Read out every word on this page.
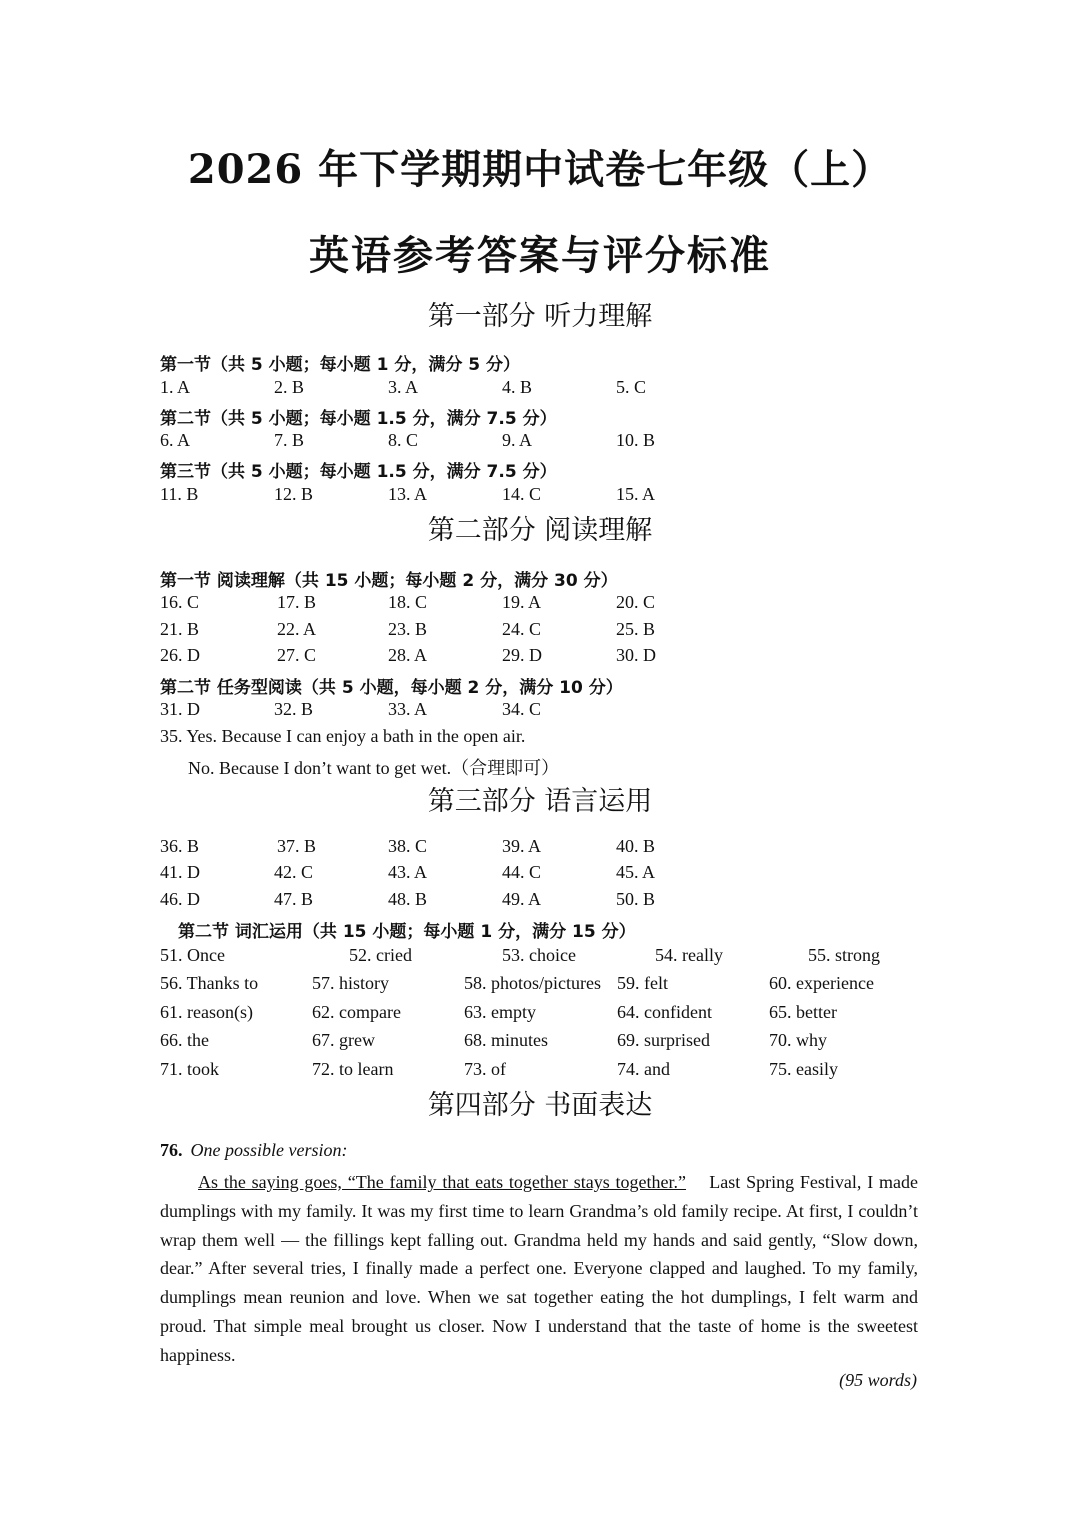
2026 年下学期期中试卷七年级（上）
英语参考答案与评分标准
第一部分 听力理解
第一节（共 5 小题；每小题 1 分，满分 5 分）
1. A	2. B	3. A	4. B	5. C
第二节（共 5 小题；每小题 1.5 分，满分 7.5 分）
6. A	7. B	8. C	9. A	10. B
第三节（共 5 小题；每小题 1.5 分，满分 7.5 分）
11. B	12. B	13. A	14. C	15. A
第二部分 阅读理解
第一节 阅读理解（共 15 小题；每小题 2 分，满分 30 分）
16. C	17. B	18. C	19. A	20. C
21. B	22. A	23. B	24. C	25. B
26. D	27. C	28. A	29. D	30. D
第二节 任务型阅读（共 5 小题，每小题 2 分，满分 10 分）
31. D	32. B	33. A	34. C
35. Yes. Because I can enjoy a bath in the open air.
No. Because I don’t want to get wet.（合理即可）
第三部分 语言运用
36. B	37. B	38. C	39. A	40. B
41. D	42. C	43. A	44. C	45. A
46. D	47. B	48. B	49. A	50. B
第二节 词汇运用（共 15 小题；每小题 1 分，满分 15 分）
51. Once	52. cried	53. choice	54. really	55. strong
56. Thanks to	57. history	58. photos/pictures 59. felt	60. experience
61. reason(s)	62. compare	63. empty	64. confident	65. better
66. the	67. grew	68. minutes	69. surprised	70. why
71. took	72. to learn	73. of	74. and	75. easily
第四部分 书面表达
76. One possible version:

As the saying goes, “The family that eats together stays together.” Last Spring Festival, I made dumplings with my family. It was my first time to learn Grandma’s old family recipe. At first, I couldn’t wrap them well — the fillings kept falling out. Grandma held my hands and said gently, “Slow down, dear.” After several tries, I finally made a perfect one. Everyone clapped and laughed. To my family, dumplings mean reunion and love. When we sat together eating the hot dumplings, I felt warm and proud. That simple meal brought us closer. Now I understand that the taste of home is the sweetest happiness.

(95 words)
